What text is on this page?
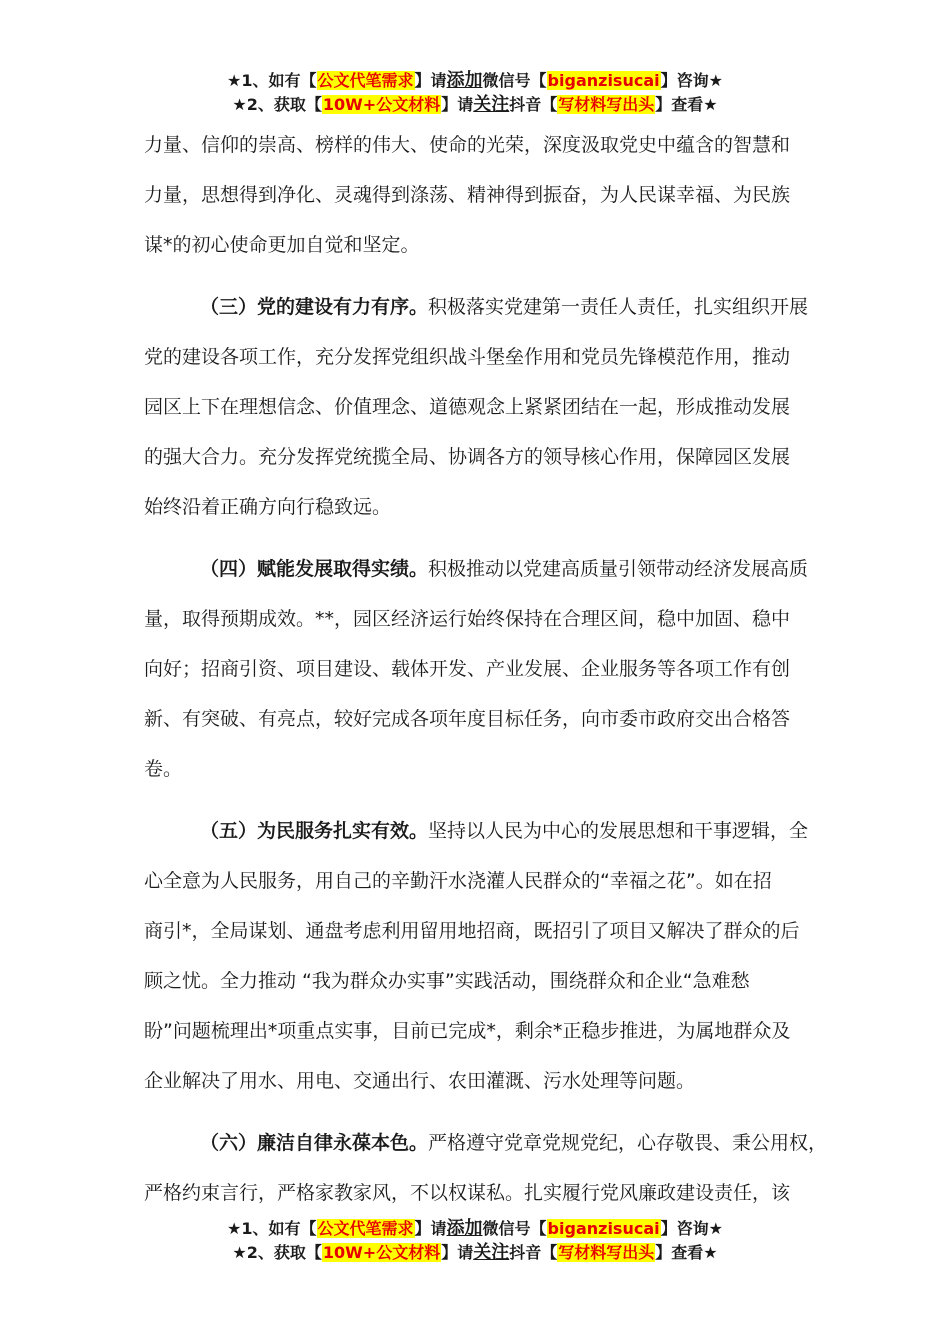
★1、如有【公文代笔需求】请添加微信号【biganzisucai】咨询★
★2、获取【10W+公文材料】请关注抖音【写材料写出头】查看★
力量、信仰的崇高、榜样的伟大、使命的光荣，深度汲取党史中蕴含的智慧和
力量，思想得到净化、灵魂得到涤荡、精神得到振奋，为人民谋幸福、为民族
谋*的初心使命更加自觉和坚定。
（三）党的建设有力有序。积极落实党建第一责任人责任，扎实组织开展
党的建设各项工作，充分发挥党组织战斗堡垒作用和党员先锋模范作用，推动
园区上下在理想信念、价值理念、道德观念上紧紧团结在一起，形成推动发展
的强大合力。充分发挥党统揽全局、协调各方的领导核心作用，保障园区发展
始终沿着正确方向行稳致远。
（四）赋能发展取得实绩。积极推动以党建高质量引领带动经济发展高质
量，取得预期成效。**，园区经济运行始终保持在合理区间，稳中加固、稳中
向好；招商引资、项目建设、载体开发、产业发展、企业服务等各项工作有创
新、有突破、有亮点，较好完成各项年度目标任务，向市委市政府交出合格答
卷。
（五）为民服务扎实有效。坚持以人民为中心的发展思想和干事逻辑，全
心全意为人民服务，用自己的辛勤汗水浇灌人民群众的“幸福之花”。如在招
商引*，全局谋划、通盘考虑利用留用地招商，既招引了项目又解决了群众的后
顾之忧。全力推动 “我为群众办实事”实践活动，围绕群众和企业“急难愁
盼”问题梳理出*项重点实事，目前已完成*，剩余*正稳步推进，为属地群众及
企业解决了用水、用电、交通出行、农田灌溉、污水处理等问题。
（六）廉洁自律永葆本色。严格遵守党章党规党纪，心存敬畏、秉公用权，
严格约束言行，严格家教家风，不以权谋私。扎实履行党风廉政建设责任，该
★1、如有【公文代笔需求】请添加微信号【biganzisucai】咨询★
★2、获取【10W+公文材料】请关注抖音【写材料写出头】查看★
